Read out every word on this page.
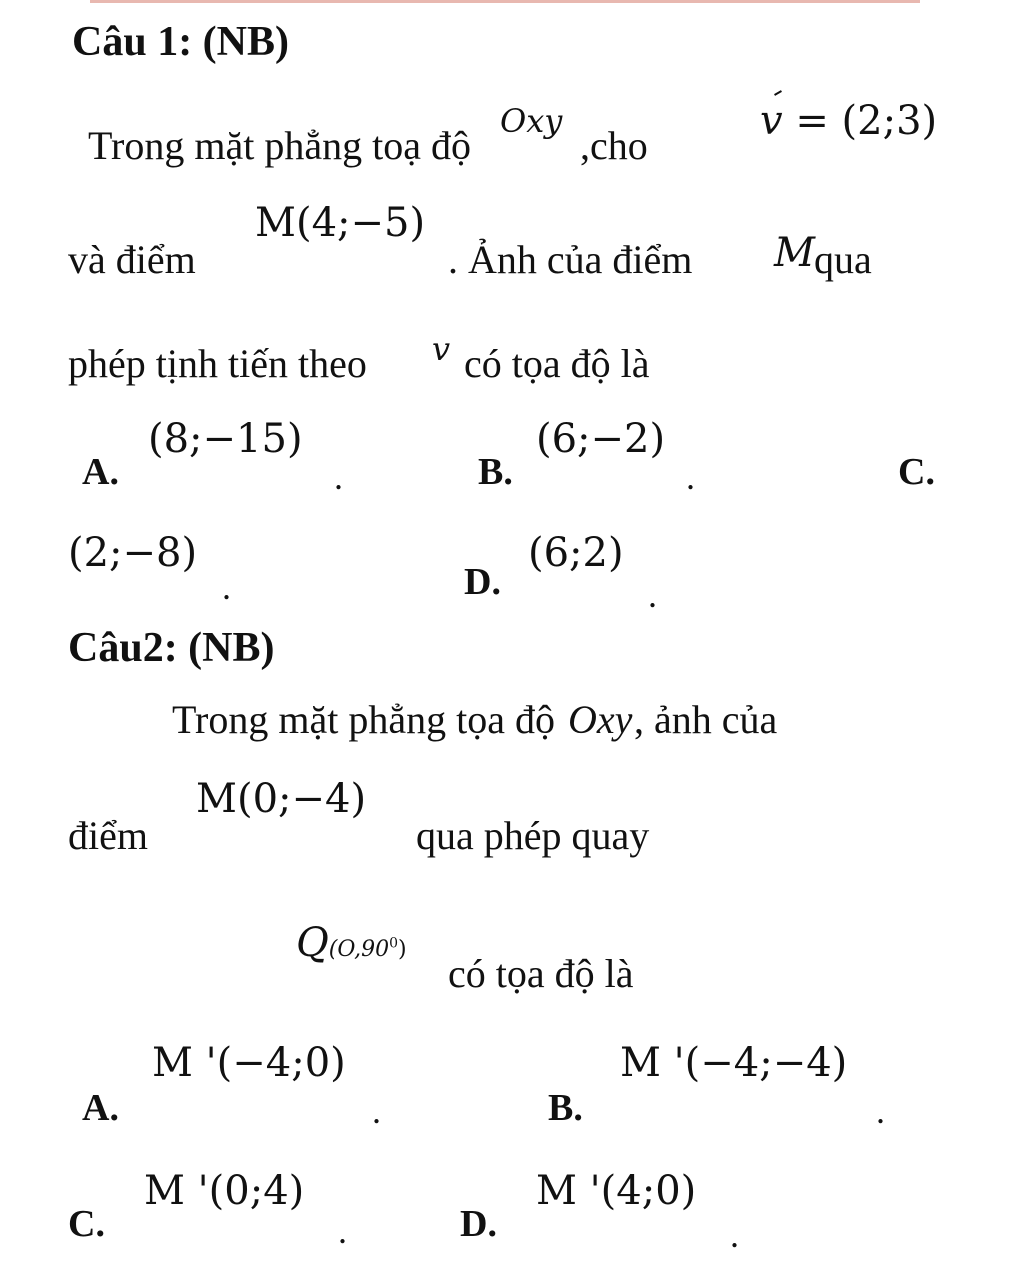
Câu 1: (NB)
Trong mặt phẳng toạ độ
Oxy
,cho
v = (2;3)
và điểm
M(4;−5)
. Ảnh của điểm M qua
phép tịnh tiến theo v có tọa độ là
A.
(8;−15)
.	B.
(6;−2)
.	C.
(2;−8)
.	D.
(6;2)
.
Câu2: (NB)
Trong mặt phẳng tọa độ Oxy , ảnh của
điểm
M(0;−4)
qua phép quay
$Q(O,90^0)$
có tọa độ là
A.
M '(−4;0)
.	B.
M '(−4;−4)
.
C.
M '(0;4)
.	D.
M '(4;0)
.
